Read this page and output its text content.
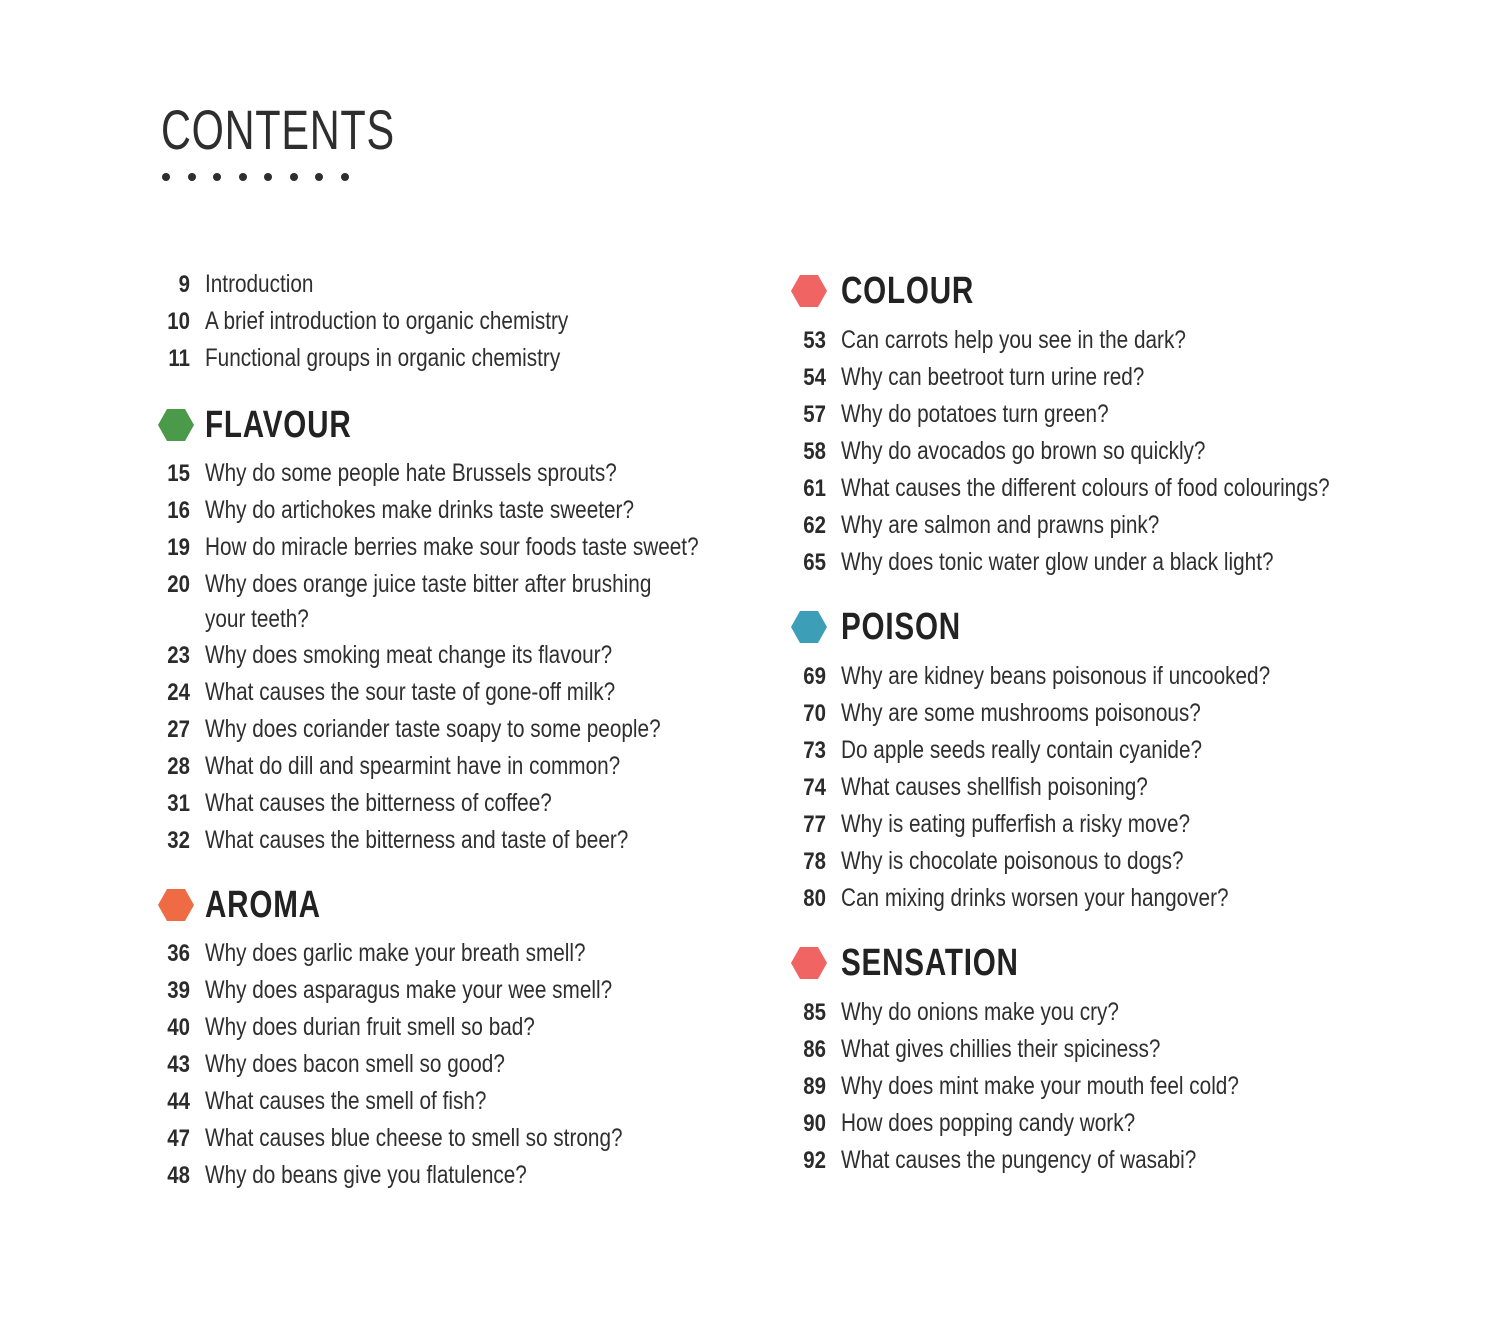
CONTENTS
9 Introduction
10 A brief introduction to organic chemistry
11 Functional groups in organic chemistry
FLAVOUR
15 Why do some people hate Brussels sprouts?
16 Why do artichokes make drinks taste sweeter?
19 How do miracle berries make sour foods taste sweet?
20 Why does orange juice taste bitter after brushing
your teeth?
23 Why does smoking meat change its flavour?
24 What causes the sour taste of gone-off milk?
27 Why does coriander taste soapy to some people?
28 What do dill and spearmint have in common?
31 What causes the bitterness of coffee?
32 What causes the bitterness and taste of beer?
AROMA
36 Why does garlic make your breath smell?
39 Why does asparagus make your wee smell?
40 Why does durian fruit smell so bad?
43 Why does bacon smell so good?
44 What causes the smell of fish?
47 What causes blue cheese to smell so strong?
48 Why do beans give you flatulence?
COLOUR
53 Can carrots help you see in the dark?
54 Why can beetroot turn urine red?
57 Why do potatoes turn green?
58 Why do avocados go brown so quickly?
61 What causes the different colours of food colourings?
62 Why are salmon and prawns pink?
65 Why does tonic water glow under a black light?
POISON
69 Why are kidney beans poisonous if uncooked?
70 Why are some mushrooms poisonous?
73 Do apple seeds really contain cyanide?
74 What causes shellfish poisoning?
77 Why is eating pufferfish a risky move?
78 Why is chocolate poisonous to dogs?
80 Can mixing drinks worsen your hangover?
SENSATION
85 Why do onions make you cry?
86 What gives chillies their spiciness?
89 Why does mint make your mouth feel cold?
90 How does popping candy work?
92 What causes the pungency of wasabi?
